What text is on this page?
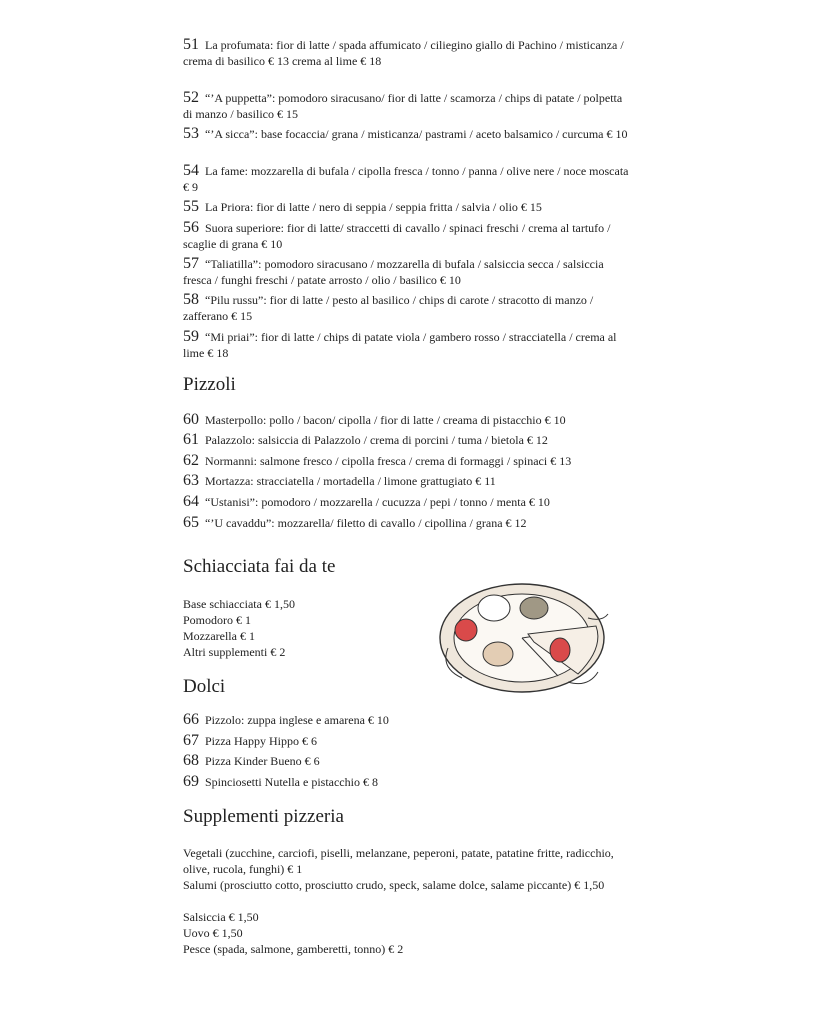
51 La profumata: fior di latte / spada affumicato / ciliegino giallo di Pachino / misticanza / crema di basilico € 13 crema al lime € 18
52 “’A puppetta”: pomodoro siracusano/ fior di latte / scamorza / chips di patate / polpetta di manzo / basilico € 15
53 “’A sicca”: base focaccia/ grana / misticanza/ pastrami / aceto balsamico / curcuma € 10
54 La fame: mozzarella di bufala / cipolla fresca / tonno / panna / olive nere / noce moscata € 9
55 La Priora: fior di latte / nero di seppia / seppia fritta / salvia / olio € 15
56 Suora superiore: fior di latte/ straccetti di cavallo / spinaci freschi / crema al tartufo / scaglie di grana € 10
57 “Taliatilla”: pomodoro siracusano / mozzarella di bufala / salsiccia secca / salsiccia fresca / funghi freschi / patate arrosto / olio / basilico € 10
58 “Pilu russu”: fior di latte / pesto al basilico / chips di carote / stracotto di manzo / zafferano € 15
59 “Mi priai”: fior di latte / chips di patate viola / gambero rosso / stracciatella / crema al lime € 18
Pizzoli
60 Masterpollo: pollo / bacon/ cipolla / fior di latte / creama di pistacchio € 10
61 Palazzolo: salsiccia di Palazzolo / crema di porcini / tuma / bietola € 12
62 Normanni: salmone fresco / cipolla fresca / crema di formaggi / spinaci € 13
63 Mortazza: stracciatella / mortadella / limone grattugiato € 11
64 “Ustanisi”: pomodoro / mozzarella / cucuzza / pepi / tonno / menta € 10
65 “’U cavaddu”: mozzarella/ filetto di cavallo / cipollina / grana € 12
Schiacciata fai da te
Base schiacciata € 1,50
Pomodoro € 1
Mozzarella € 1
Altri supplementi € 2
Dolci
66 Pizzolo: zuppa inglese e amarena € 10
67 Pizza Happy Hippo € 6
68 Pizza Kinder Bueno € 6
69 Spinciosetti Nutella e pistacchio € 8
Supplementi pizzeria
Vegetali (zucchine, carciofi, piselli, melanzane, peperoni, patate, patatine fritte, radicchio, olive, rucola, funghi) € 1
Salumi (prosciutto cotto, prosciutto crudo, speck, salame dolce, salame piccante) € 1,50
Salsiccia € 1,50
Uovo € 1,50
Pesce (spada, salmone, gamberetti, tonno) € 2
